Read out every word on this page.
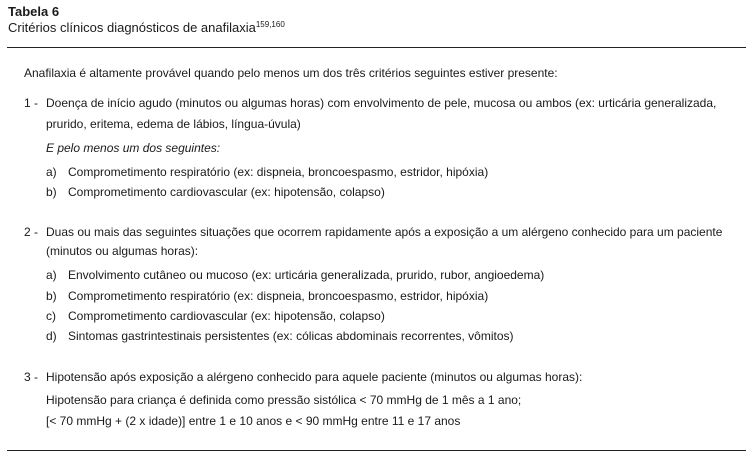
Tabela 6
Critérios clínicos diagnósticos de anafilaxia$^{159,160}$
Anafilaxia é altamente provável quando pelo menos um dos três critérios seguintes estiver presente:
1 - Doença de início agudo (minutos ou algumas horas) com envolvimento de pele, mucosa ou ambos (ex: urticária generalizada,
prurido, eritema, edema de lábios, língua-úvula)
E pelo menos um dos seguintes:
a) Comprometimento respiratório (ex: dispneia, broncoespasmo, estridor, hipóxia)
b) Comprometimento cardiovascular (ex: hipotensão, colapso)
2 - Duas ou mais das seguintes situações que ocorrem rapidamente após a exposição a um alérgeno conhecido para um paciente
(minutos ou algumas horas):
a) Envolvimento cutâneo ou mucoso (ex: urticária generalizada, prurido, rubor, angioedema)
b) Comprometimento respiratório (ex: dispneia, broncoespasmo, estridor, hipóxia)
c) Comprometimento cardiovascular (ex: hipotensão, colapso)
d) Sintomas gastrintestinais persistentes (ex: cólicas abdominais recorrentes, vômitos)
3 - Hipotensão após exposição a alérgeno conhecido para aquele paciente (minutos ou algumas horas):
Hipotensão para criança é definida como pressão sistólica < 70 mmHg de 1 mês a 1 ano;
[< 70 mmHg + (2 x idade)] entre 1 e 10 anos e < 90 mmHg entre 11 e 17 anos
